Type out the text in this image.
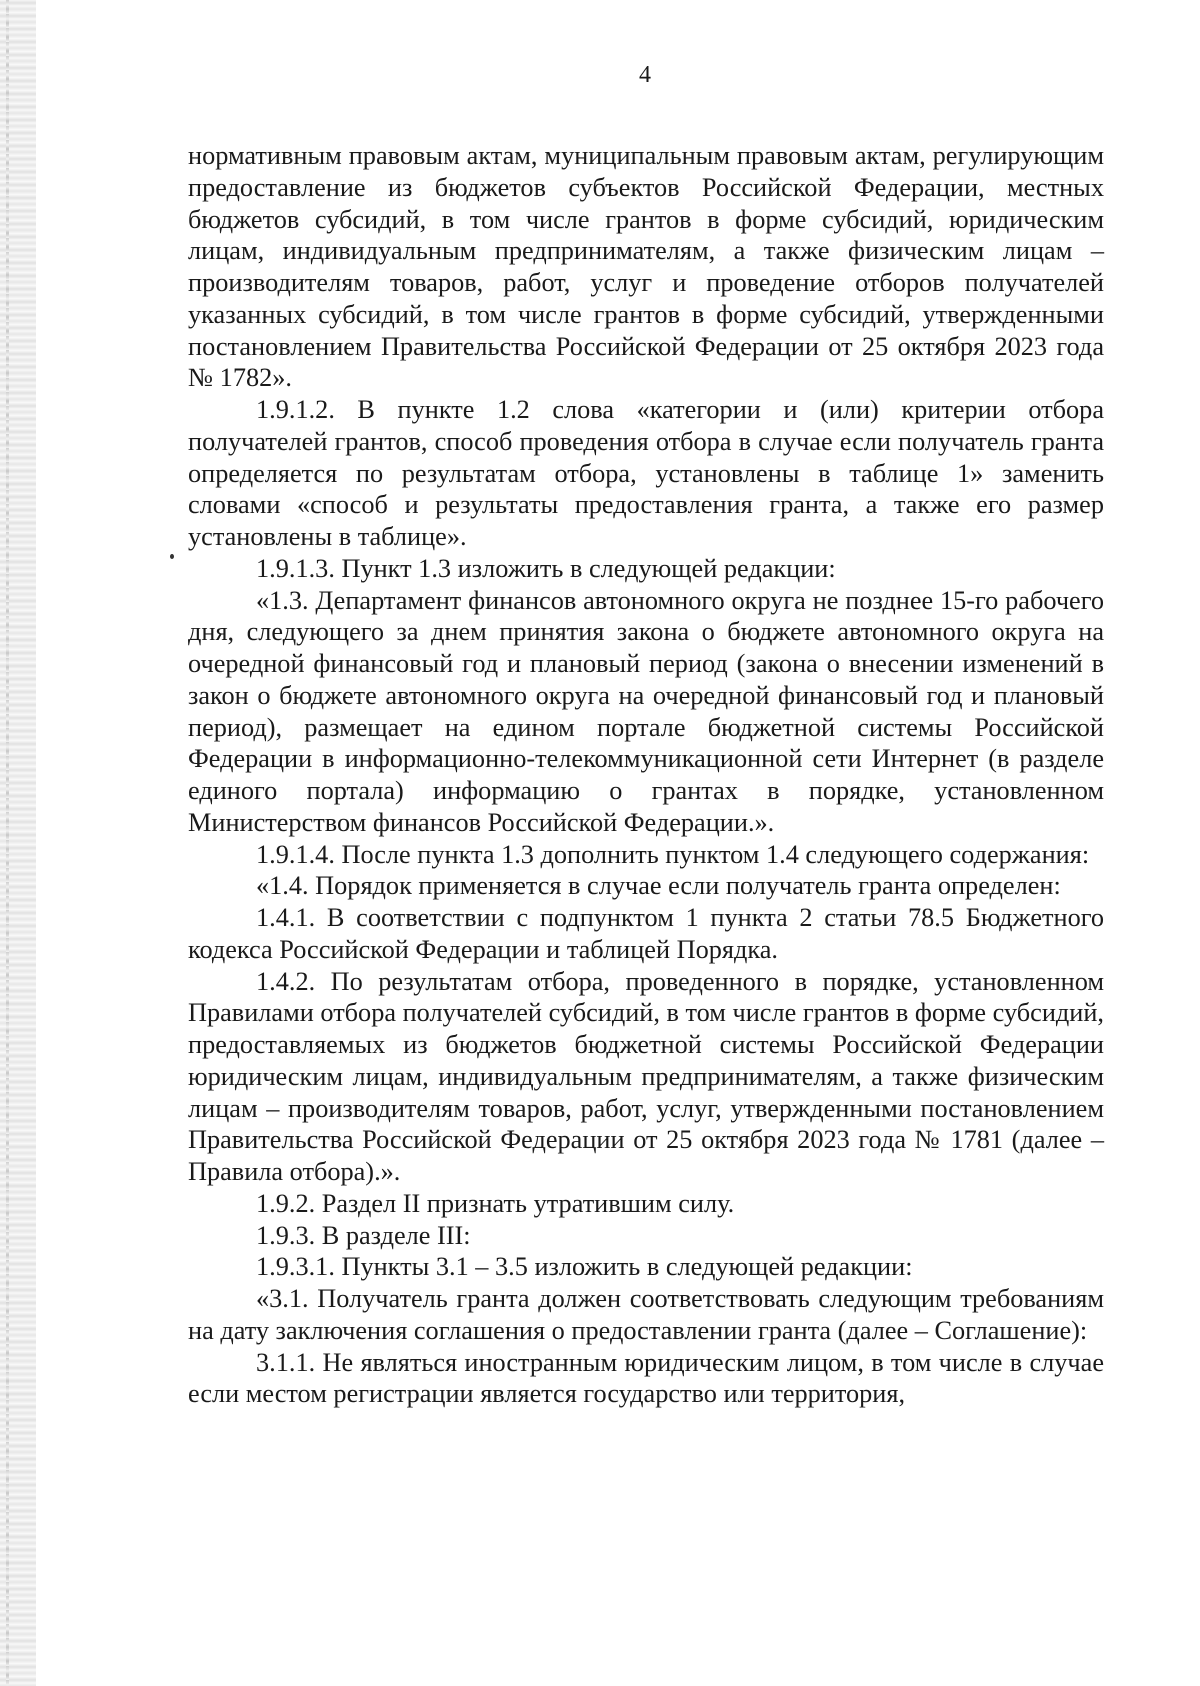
4

нормативным правовым актам, муниципальным правовым актам, регулирующим предоставление из бюджетов субъектов Российской Федерации, местных бюджетов субсидий, в том числе грантов в форме субсидий, юридическим лицам, индивидуальным предпринимателям, а также физическим лицам – производителям товаров, работ, услуг и проведение отборов получателей указанных субсидий, в том числе грантов в форме субсидий, утвержденными постановлением Правительства Российской Федерации от 25 октября 2023 года № 1782».

1.9.1.2. В пункте 1.2 слова «категории и (или) критерии отбора получателей грантов, способ проведения отбора в случае если получатель гранта определяется по результатам отбора, установлены в таблице 1» заменить словами «способ и результаты предоставления гранта, а также его размер установлены в таблице».

1.9.1.3. Пункт 1.3 изложить в следующей редакции:

«1.3. Департамент финансов автономного округа не позднее 15-го рабочего дня, следующего за днем принятия закона о бюджете автономного округа на очередной финансовый год и плановый период (закона о внесении изменений в закон о бюджете автономного округа на очередной финансовый год и плановый период), размещает на едином портале бюджетной системы Российской Федерации в информационно-телекоммуникационной сети Интернет (в разделе единого портала) информацию о грантах в порядке, установленном Министерством финансов Российской Федерации.».

1.9.1.4. После пункта 1.3 дополнить пунктом 1.4 следующего содержания:

«1.4. Порядок применяется в случае если получатель гранта определен:

1.4.1. В соответствии с подпунктом 1 пункта 2 статьи 78.5 Бюджетного кодекса Российской Федерации и таблицей Порядка.

1.4.2. По результатам отбора, проведенного в порядке, установленном Правилами отбора получателей субсидий, в том числе грантов в форме субсидий, предоставляемых из бюджетов бюджетной системы Российской Федерации юридическим лицам, индивидуальным предпринимателям, а также физическим лицам – производителям товаров, работ, услуг, утвержденными постановлением Правительства Российской Федерации от 25 октября 2023 года № 1781 (далее – Правила отбора).».

1.9.2. Раздел II признать утратившим силу.

1.9.3. В разделе III:

1.9.3.1. Пункты 3.1 – 3.5 изложить в следующей редакции:

«3.1. Получатель гранта должен соответствовать следующим требованиям на дату заключения соглашения о предоставлении гранта (далее – Соглашение):

3.1.1. Не являться иностранным юридическим лицом, в том числе в случае если местом регистрации является государство или территория,
